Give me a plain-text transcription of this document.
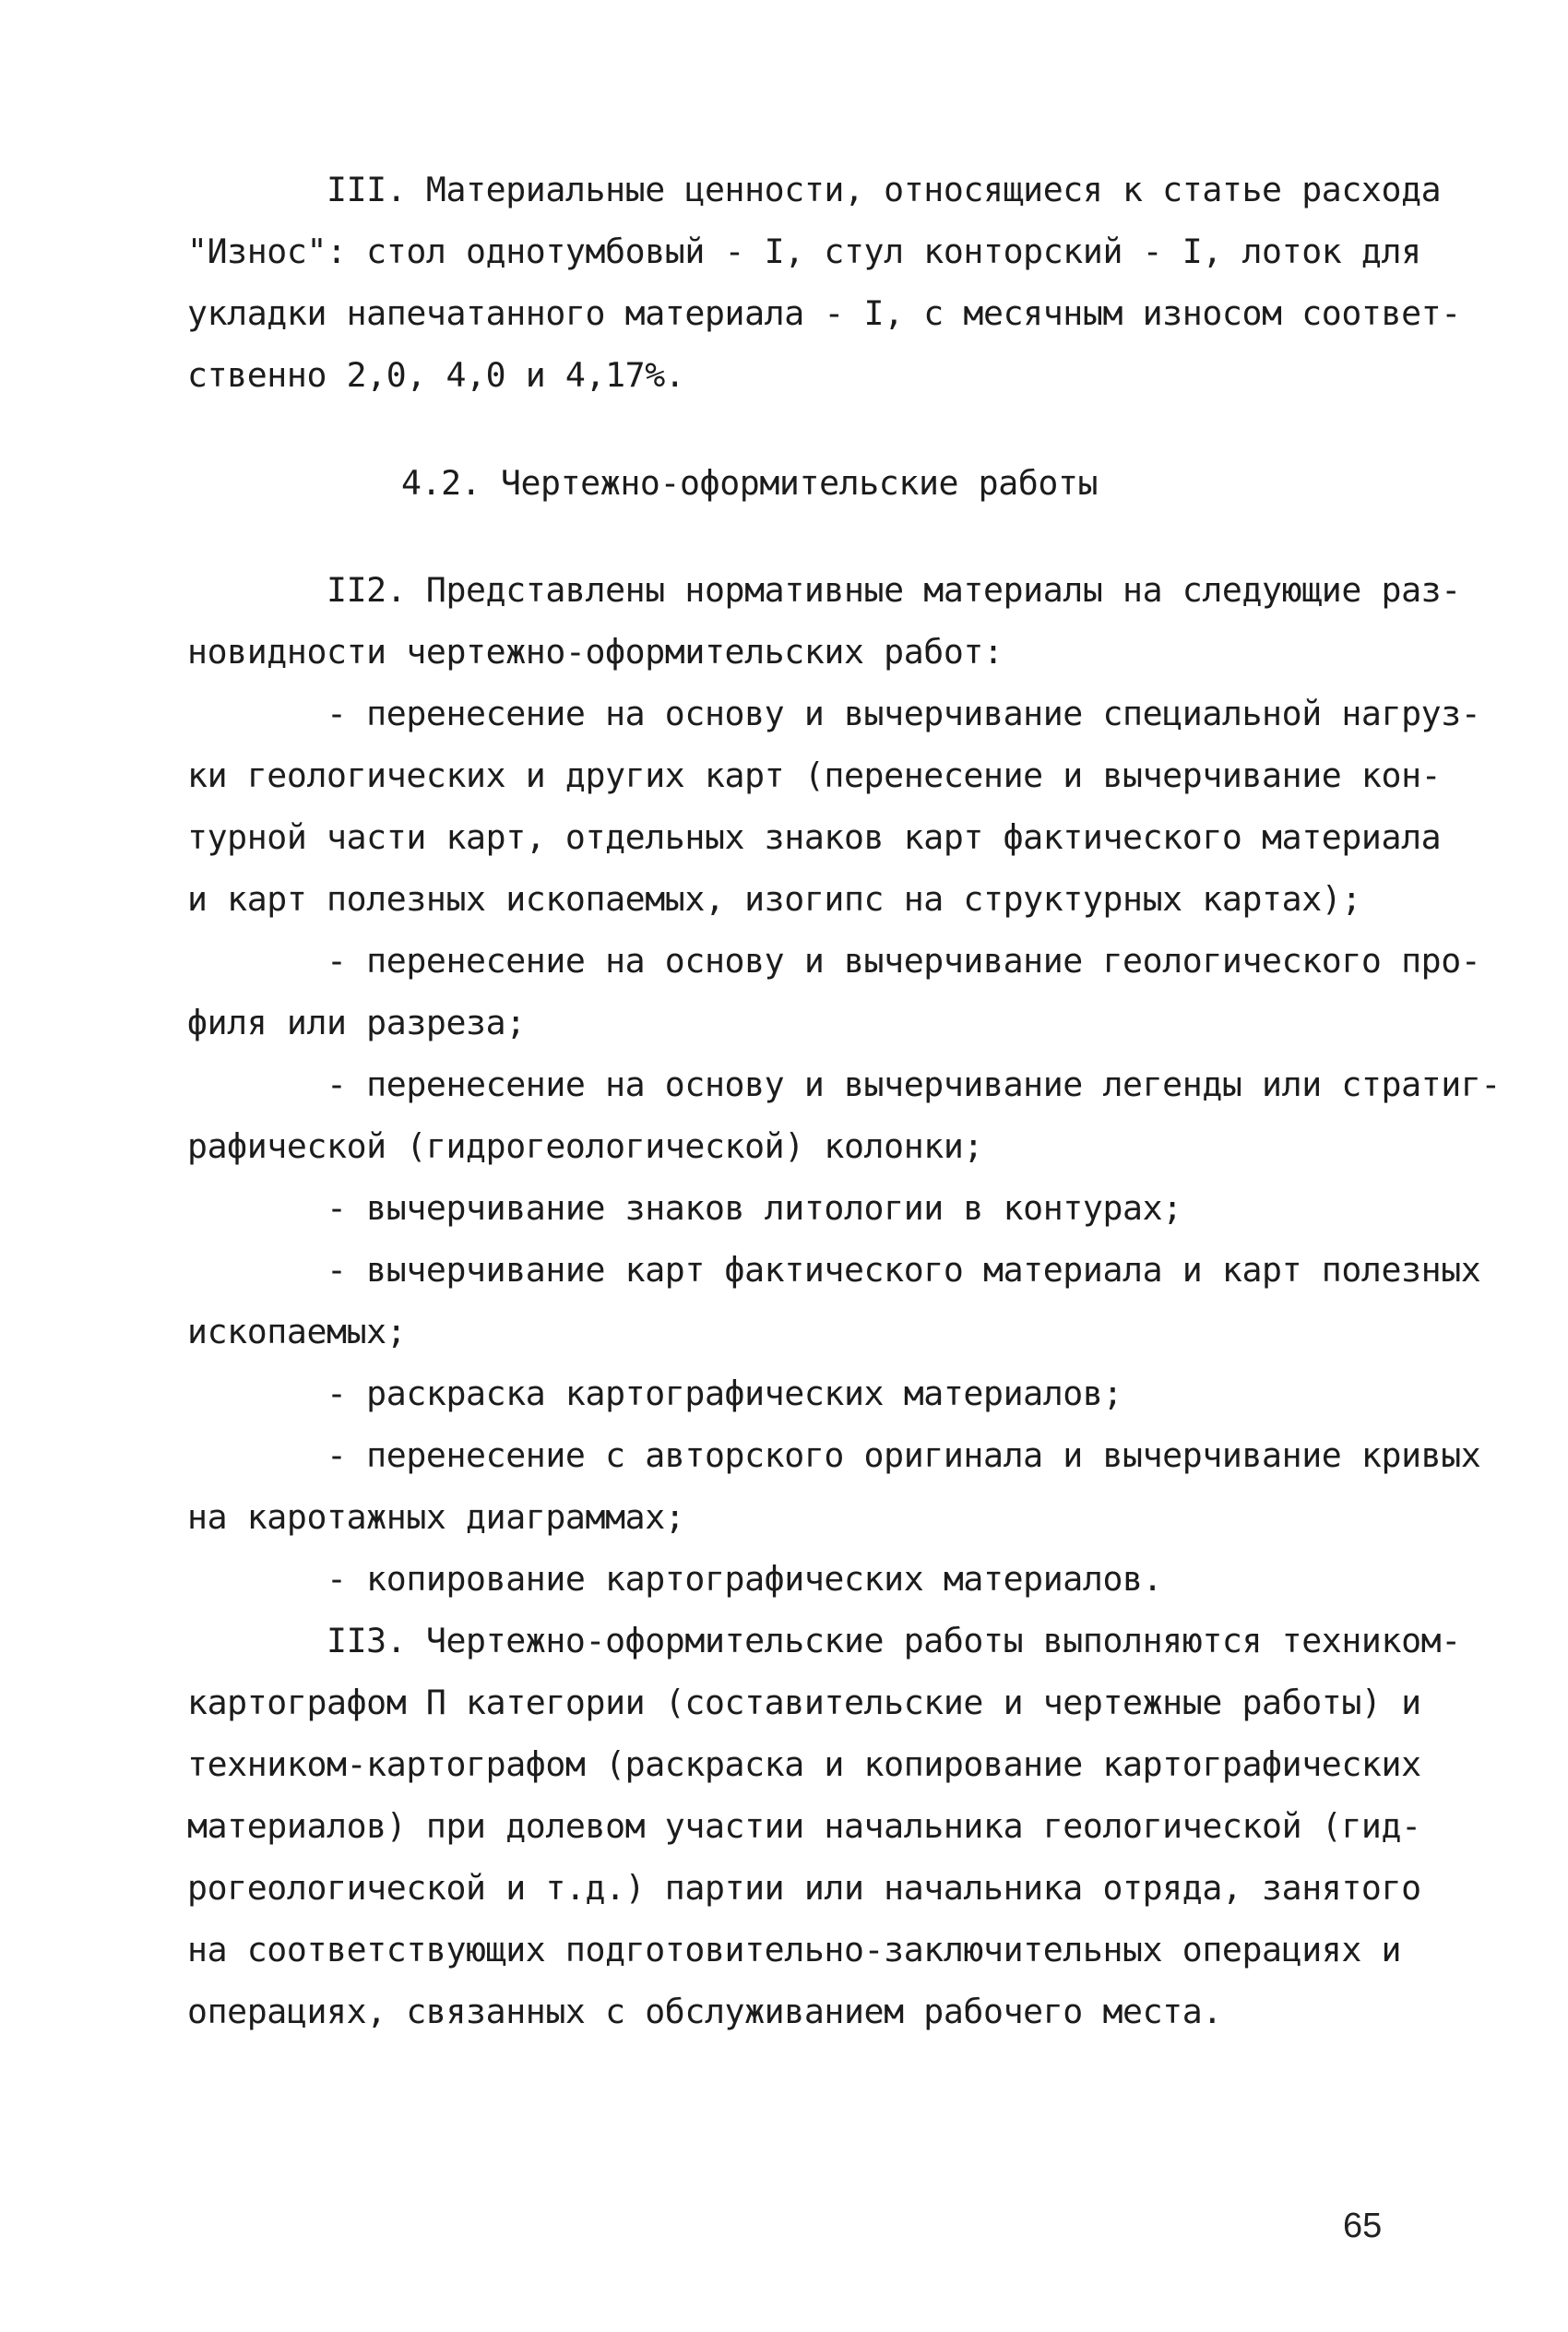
III. Материальные ценности, относящиеся к статье расхода
"Износ": стол однотумбовый - I, стул конторский - I, лоток для
укладки напечатанного материала - I, с месячным износом соответ-
ственно 2,0, 4,0 и 4,17%.
4.2. Чертежно-оформительские работы
II2. Представлены нормативные материалы на следующие раз-
новидности чертежно-оформительских работ:
- перенесение на основу и вычерчивание специальной нагруз-
ки геологических и других карт (перенесение и вычерчивание кон-
турной части карт, отдельных знаков карт фактического материала
и карт полезных ископаемых, изогипс на структурных картах);
- перенесение на основу и вычерчивание геологического про-
филя или разреза;
- перенесение на основу и вычерчивание легенды или стратиг-
рафической (гидрогеологической) колонки;
- вычерчивание знаков литологии в контурах;
- вычерчивание карт фактического материала и карт полезных
ископаемых;
- раскраска картографических материалов;
- перенесение с авторского оригинала и вычерчивание кривых
на каротажных диаграммах;
- копирование картографических материалов.
II3. Чертежно-оформительские работы выполняются техником-
картографом П категории (составительские и чертежные работы) и
техником-картографом (раскраска и копирование картографических
материалов) при долевом участии начальника геологической (гид-
рогеологической и т.д.) партии или начальника отряда, занятого
на соответствующих подготовительно-заключительных операциях и
операциях, связанных с обслуживанием рабочего места.
65
